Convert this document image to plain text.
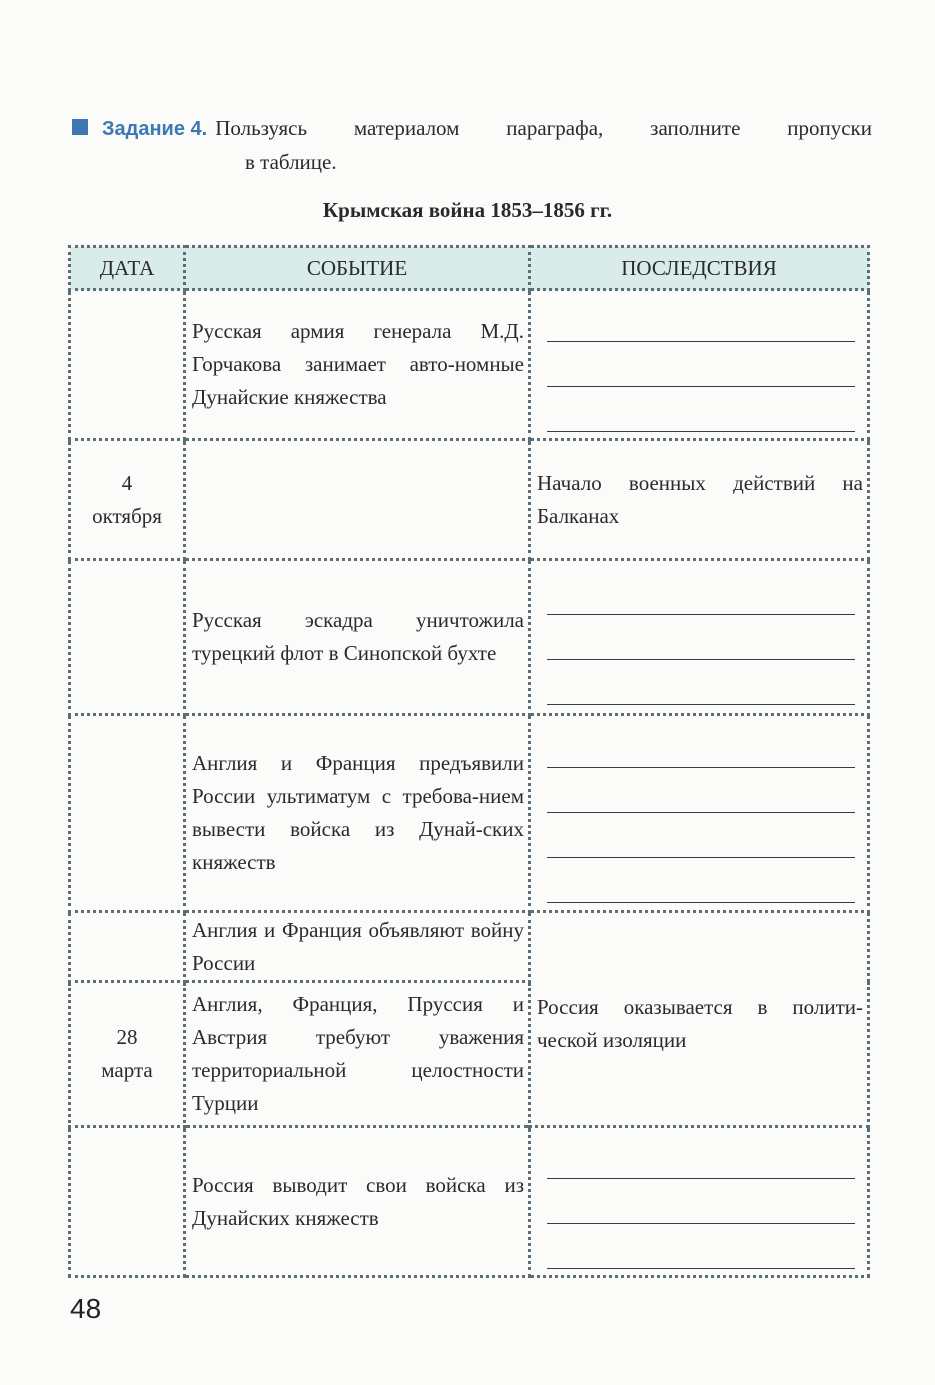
Задание 4. Пользуясь материалом параграфа, заполните пропуски
в таблице.
Крымская война 1853–1856 гг.
ДАТА	СОБЫТИЕ	ПОСЛЕДСТВИЯ

	Русская армия генерала М.Д. Горчакова занимает авто-номные Дунайские княжества	

4
октября		Начало военных действий на Балканах

	Русская эскадра уничтожила турецкий флот в Синопской бухте	

	Англия и Франция предъявили России ультиматум с требова-нием вывести войска из Дунай-ских княжеств	

	Англия и Франция объявляют войну России	Россия оказывается в полити-ческой изоляции

28
марта	Англия, Франция, Пруссия и Австрия требуют уважения территориальной целостности Турции	

	Россия выводит свои войска из Дунайских княжеств	
48
